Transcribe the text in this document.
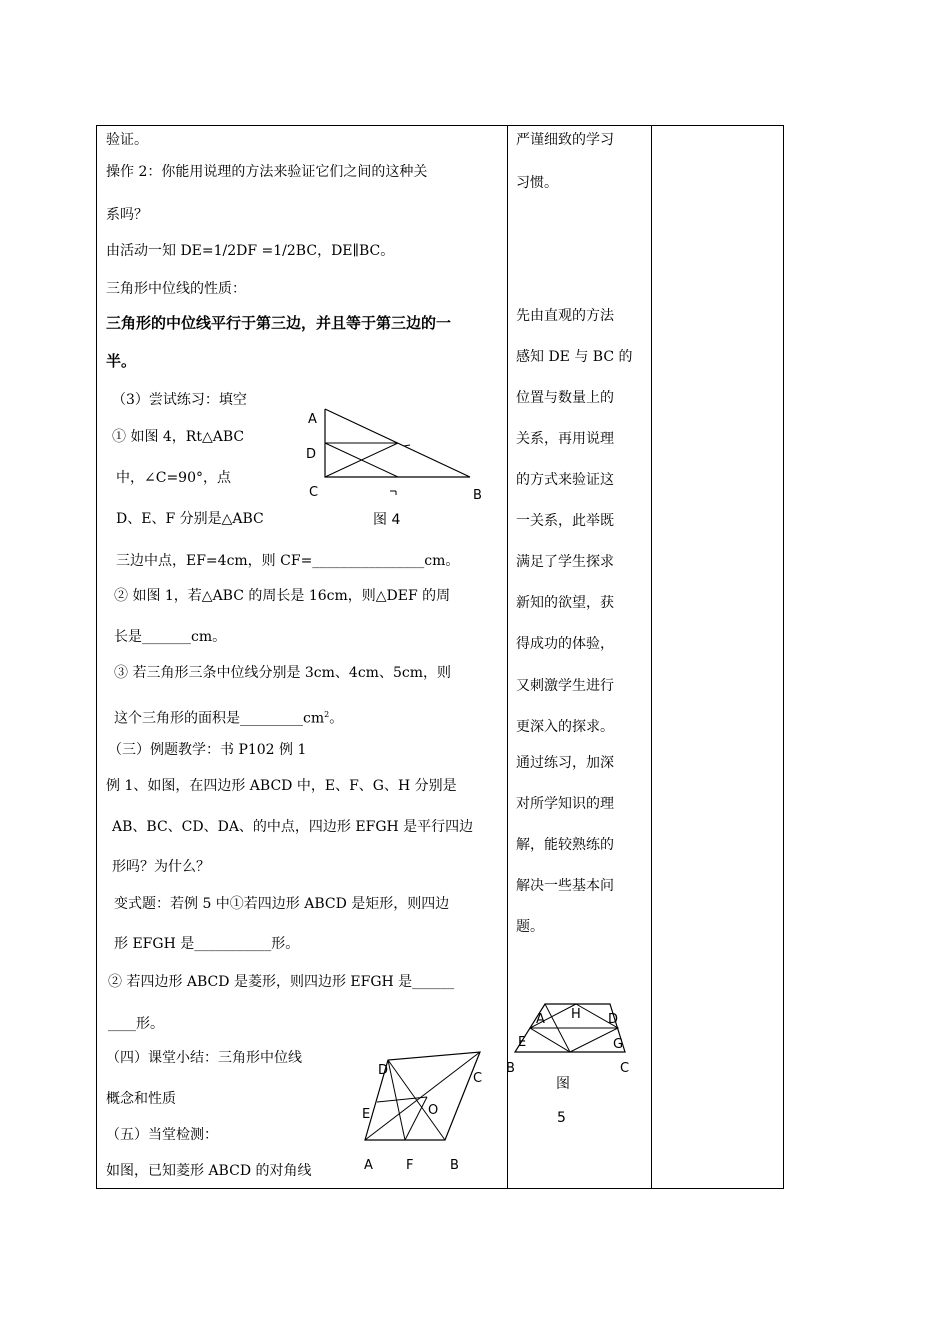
验证。
操作 2：你能用说理的方法来验证它们之间的这种关
系吗？
由活动一知 DE=1/2DF =1/2BC，DE∥BC。
三角形中位线的性质：
三角形的中位线平行于第三边，并且等于第三边的一
半。
（3）尝试练习：填空
① 如图 4，Rt△ABC
中，∠C=90°，点
D、E、F 分别是△ABC
三边中点，EF=4cm，则 CF=________________cm。
② 如图 1，若△ABC 的周长是 16cm，则△DEF 的周
长是_______cm。
③ 若三角形三条中位线分别是 3cm、4cm、5cm，则
这个三角形的面积是$\_\_\_\_\_\_\_\_\_cm^2$。
（三）例题教学：书 P102 例 1
例 1、如图，在四边形 ABCD 中，E、F、G、H 分别是
AB、BC、CD、DA、的中点，四边形 EFGH 是平行四边
形吗？为什么？
变式题：若例 5 中①若四边形 ABCD 是矩形，则四边
形 EFGH 是___________形。
② 若四边形 ABCD 是菱形，则四边形 EFGH 是______
____形。
（四）课堂小结：三角形中位线
概念和性质
（五）当堂检测：
如图，已知菱形 ABCD 的对角线
A
D
C	B
图 4
D
C
E	O
A	F	B
严谨细致的学习
习惯。
先由直观的方法
感知 DE 与 BC 的
位置与数量上的
关系，再用说理
的方式来验证这
一关系，此举既
满足了学生探求
新知的欲望，获
得成功的体验，
又刺激学生进行
更深入的探求。
通过练习，加深
对所学知识的理
解，能较熟练的
解决一些基本问
题。
A H D
E	G
B	C
图
5
